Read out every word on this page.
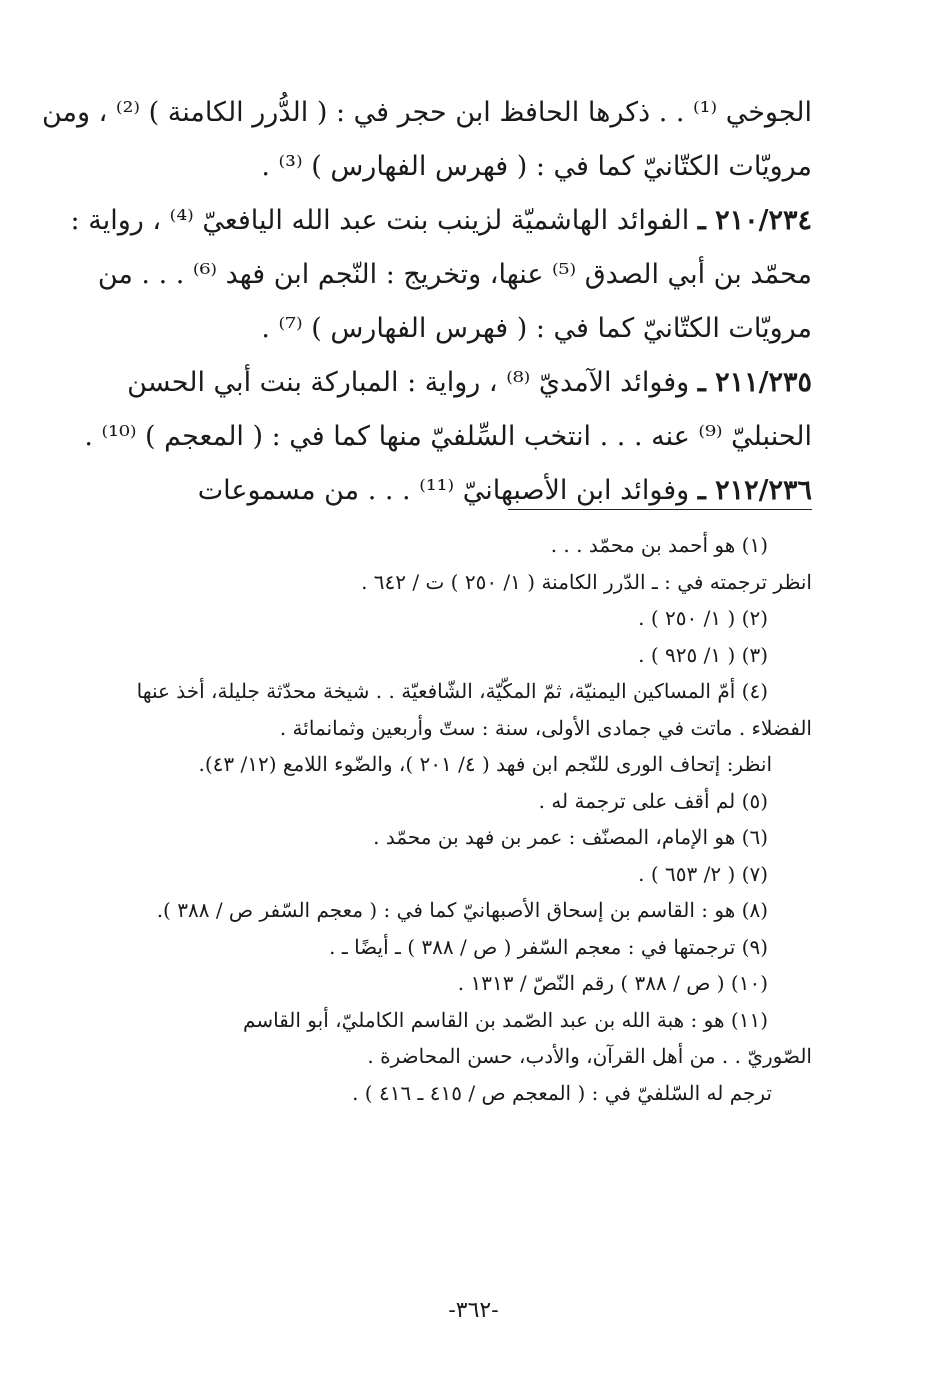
الجوخي ⁽¹⁾ . . ذكرها الحافظ ابن حجر في : ( الدُّرر الكامنة ) ⁽²⁾ ، ومن
مرويّات الكتّانيّ كما في : ( فهرس الفهارس ) ⁽³⁾ .
٢١٠/٢٣٤ ـ الفوائد الهاشميّة لزينب بنت عبد الله اليافعيّ ⁽⁴⁾ ، رواية :
محمّد بن أبي الصدق ⁽⁵⁾ عنها، وتخريج : النّجم ابن فهد ⁽⁶⁾ . . . من
مرويّات الكتّانيّ كما في : ( فهرس الفهارس ) ⁽⁷⁾ .
٢١١/٢٣٥ ـ وفوائد الآمديّ ⁽⁸⁾ ، رواية : المباركة بنت أبي الحسن
الحنبليّ ⁽⁹⁾ عنه . . . انتخب السِّلفيّ منها كما في : ( المعجم ) ⁽¹⁰⁾ .
٢١٢/٢٣٦ ـ وفوائد ابن الأصبهانيّ ⁽¹¹⁾ . . . من مسموعات
(١) هو أحمد بن محمّد . . .
انظر ترجمته في : ـ الدّرر الكامنة ( ١/ ٢٥٠ ) ت / ٦٤٢ .
(٢) ( ١/ ٢٥٠ ) .
(٣) ( ١/ ٩٢٥ ) .
(٤) أمّ المساكين اليمنيّة، ثمّ المكّيّة، الشّافعيّة . . شيخة محدّثة جليلة، أخذ عنها
الفضلاء . ماتت في جمادى الأولى، سنة : ستّ وأربعين وثمانمائة .
انظر: إتحاف الورى للنّجم ابن فهد ( ٤/ ٢٠١ )، والضّوء اللامع (١٢/ ٤٣).
(٥) لم أقف على ترجمة له .
(٦) هو الإمام، المصنّف : عمر بن فهد بن محمّد .
(٧) ( ٢/ ٦٥٣ ) .
(٨) هو : القاسم بن إسحاق الأصبهانيّ كما في : ( معجم السّفر ص / ٣٨٨ ).
(٩) ترجمتها في : معجم السّفر ( ص / ٣٨٨ ) ـ أيضًا ـ .
(١٠) ( ص / ٣٨٨ ) رقم النّصّ / ١٣١٣ .
(١١) هو : هبة الله بن عبد الصّمد بن القاسم الكامليّ، أبو القاسم
الصّوريّ . . من أهل القرآن، والأدب، حسن المحاضرة .
ترجم له السّلفيّ في : ( المعجم ص / ٤١٥ ـ ٤١٦ ) .
-٣٦٢-
